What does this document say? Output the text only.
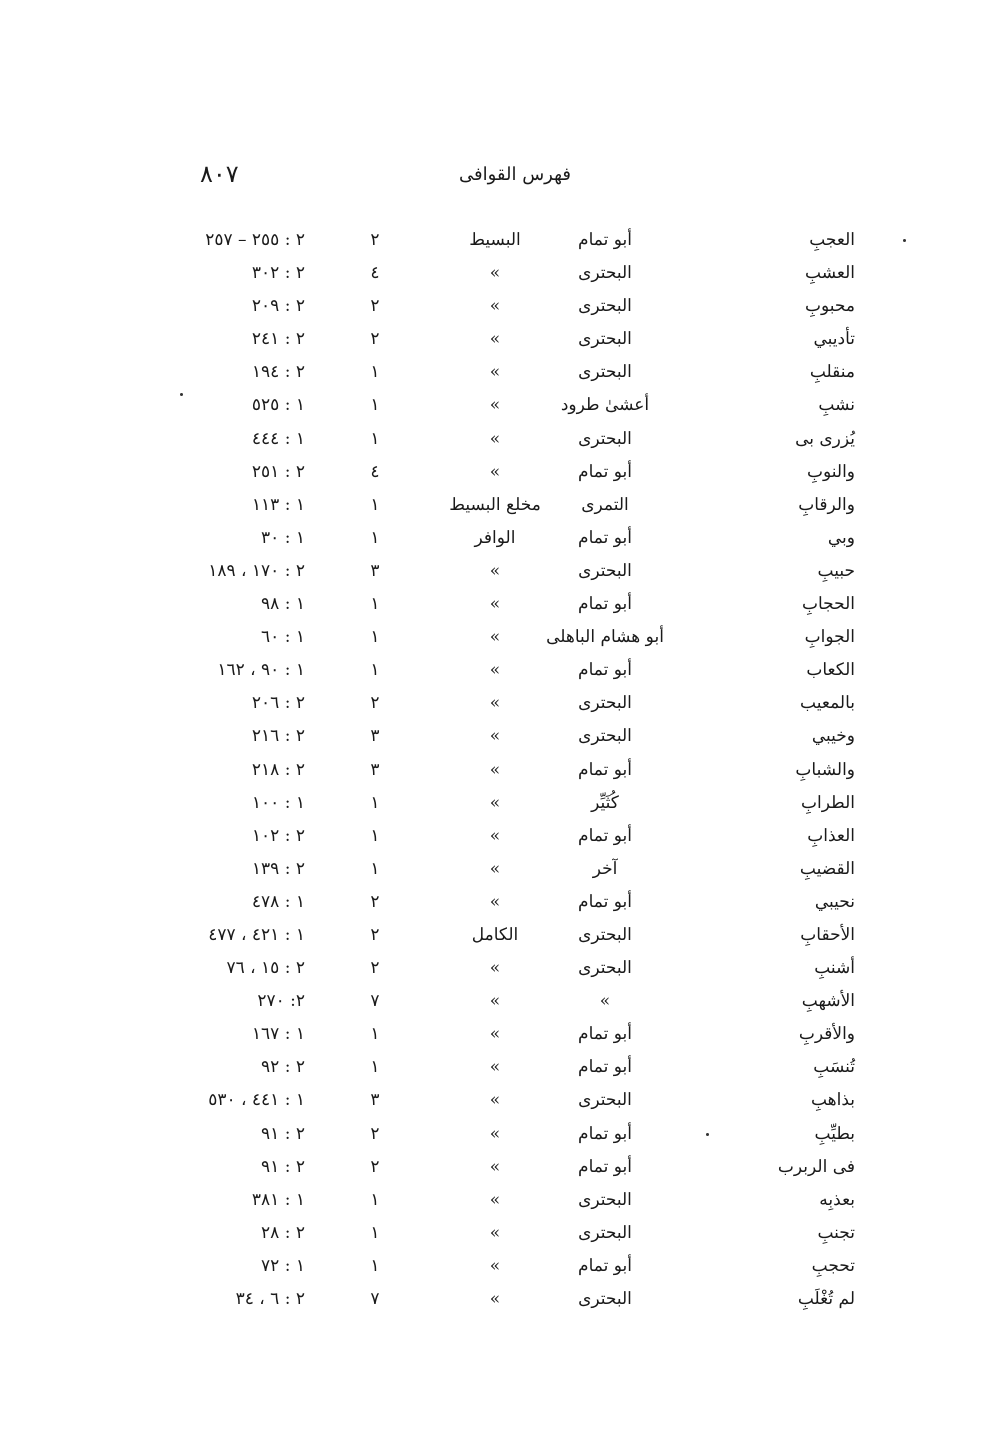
٨٠٧	فهرس القوافى
العجبِ
أبو تمام
البسيط
٢
٢ : ٢٥٥ – ٢٥٧
العشبِ
البحترى
»
٤
٢ : ٣٠٢
محبوبِ
البحترى
»
٢
٢ : ٢٠٩
تأديبي
البحترى
»
٢
٢ : ٢٤١
منقلبِ
البحترى
»
١
٢ : ١٩٤
نشبِ
أعشىٰ طرود
»
١
١ : ٥٢٥
يُزرى بى
البحترى
»
١
١ : ٤٤٤
والنوبِ
أبو تمام
»
٤
٢ : ٢٥١
والرقابِ
التمرى
مخلع البسيط
١
١ : ١١٣
وبي
أبو تمام
الوافر
١
١ : ٣٠
حبيبِ
البحترى
»
٣
٢ : ١٧٠ ، ١٨٩
الحجابِ
أبو تمام
»
١
١ : ٩٨
الجوابِ
أبو هشام الباهلى
»
١
١ : ٦٠
الكعاب
أبو تمام
»
١
١ : ٩٠ ، ١٦٢
بالمعيب
البحترى
»
٢
٢ : ٢٠٦
وخيبي
البحترى
»
٣
٢ : ٢١٦
والشبابِ
أبو تمام
»
٣
٢ : ٢١٨
الطرابِ
كُثَيِّر
»
١
١ : ١٠٠
العذابِ
أبو تمام
»
١
٢ : ١٠٢
القضيبِ
آخر
»
١
٢ : ١٣٩
نحيبي
أبو تمام
»
٢
١ : ٤٧٨
الأحقابِ
البحترى
الكامل
٢
١ : ٤٢١ ، ٤٧٧
أشنبِ
البحترى
»
٢
٢ : ١٥ ، ٧٦
الأشهبِ
»
»
٧
٢: ٢٧٠
والأقربِ
أبو تمام
»
١
١ : ١٦٧
تُنسَبِ
أبو تمام
»
١
٢ : ٩٢
بذاهبِ
البحترى
»
٣
١ : ٤٤١ ، ٥٣٠
بطيِّبِ
أبو تمام
»
٢
٢ : ٩١
فى الربرب
أبو تمام
»
٢
٢ : ٩١
بعذبِه
البحترى
»
١
١ : ٣٨١
تجنبِ
البحترى
»
١
٢ : ٢٨
تحجبِ
أبو تمام
»
١
١ : ٧٢
لم تُغْلَبِ
البحترى
»
٧
٢ : ٦ ، ٣٤
